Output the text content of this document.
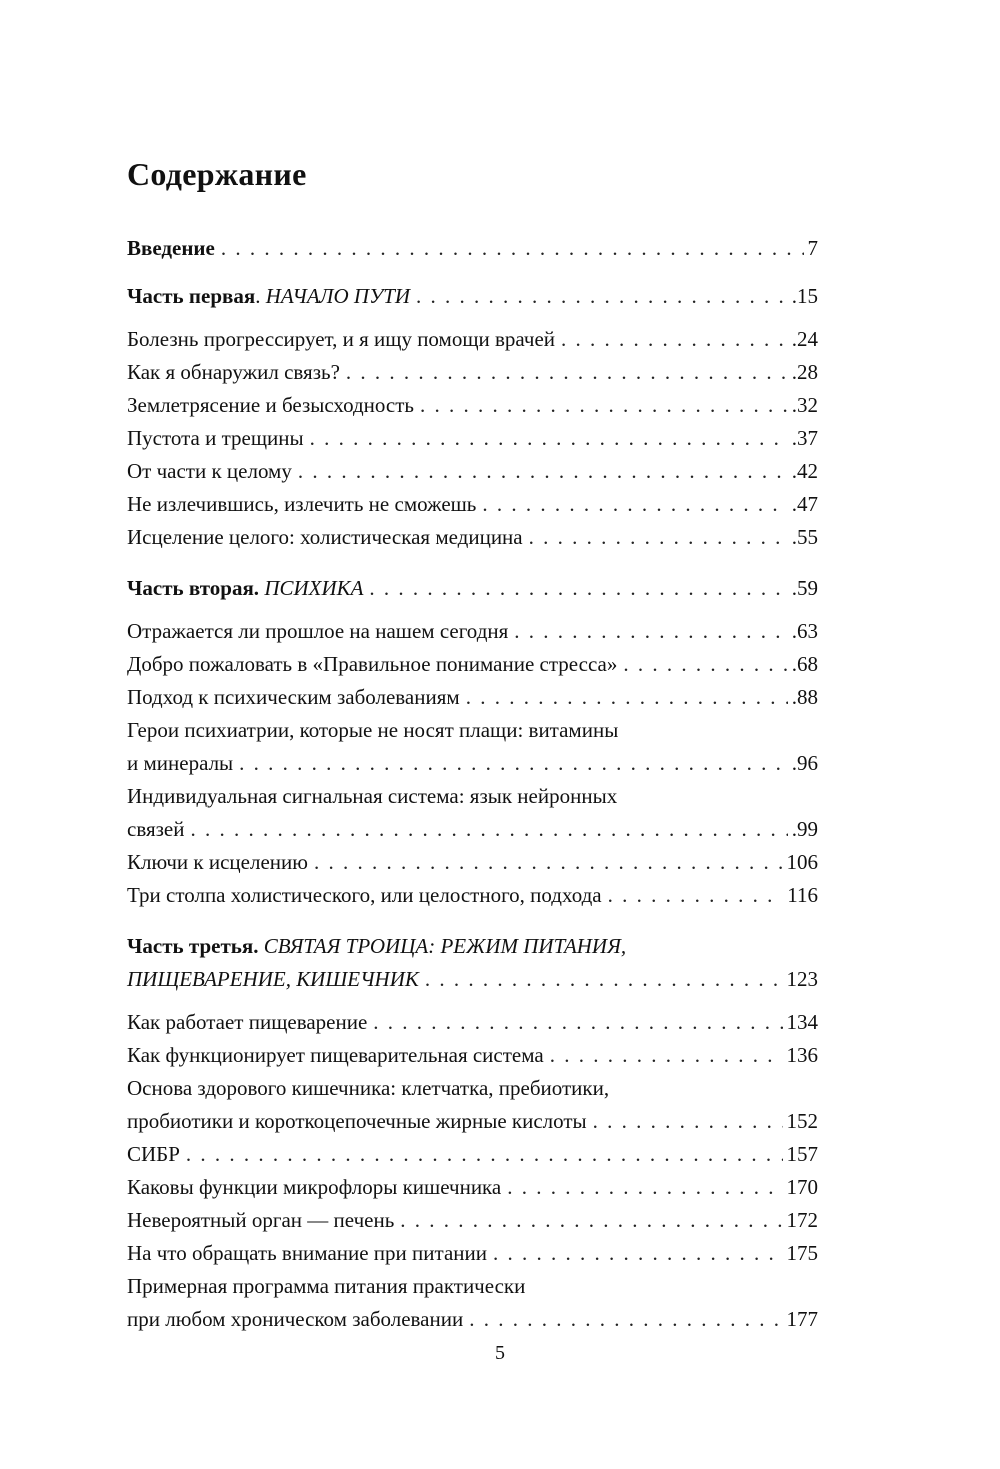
Содержание
Введение . . .	7
Часть первая. НАЧАЛО ПУТИ . . .	.15
Болезнь прогрессирует, и я ищу помощи врачей . . .	.24
Как я обнаружил связь? . . .	.28
Землетрясение и безысходность . . .	.32
Пустота и трещины . . .	.37
От части к целому . . .	.42
Не излечившись, излечить не сможешь . . .	.47
Исцеление целого: холистическая медицина . . .	.55
Часть вторая. ПСИХИКА . . .	.59
Отражается ли прошлое на нашем сегодня . . .	.63
Добро пожаловать в «Правильное понимание стресса» . . .	.68
Подход к психическим заболеваниям . . .	.88
Герои психиатрии, которые не носят плащи: витамины
и минералы . . .	.96
Индивидуальная сигнальная система: язык нейронных
связей . . .	.99
Ключи к исцелению . . .	106
Три столпа холистического, или целостного, подхода . . .	116
Часть третья. СВЯТАЯ ТРОИЦА: РЕЖИМ ПИТАНИЯ,
ПИЩЕВАРЕНИЕ, КИШЕЧНИК . . .	123
Как работает пищеварение . . .	134
Как функционирует пищеварительная система . . .	136
Основа здорового кишечника: клетчатка, пребиотики,
пробиотики и короткоцепочечные жирные кислоты . . .	152
СИБР . . .	157
Каковы функции микрофлоры кишечника . . .	170
Невероятный орган — печень . . .	172
На что обращать внимание при питании . . .	175
Примерная программа питания практически
при любом хроническом заболевании . . .	177
5
